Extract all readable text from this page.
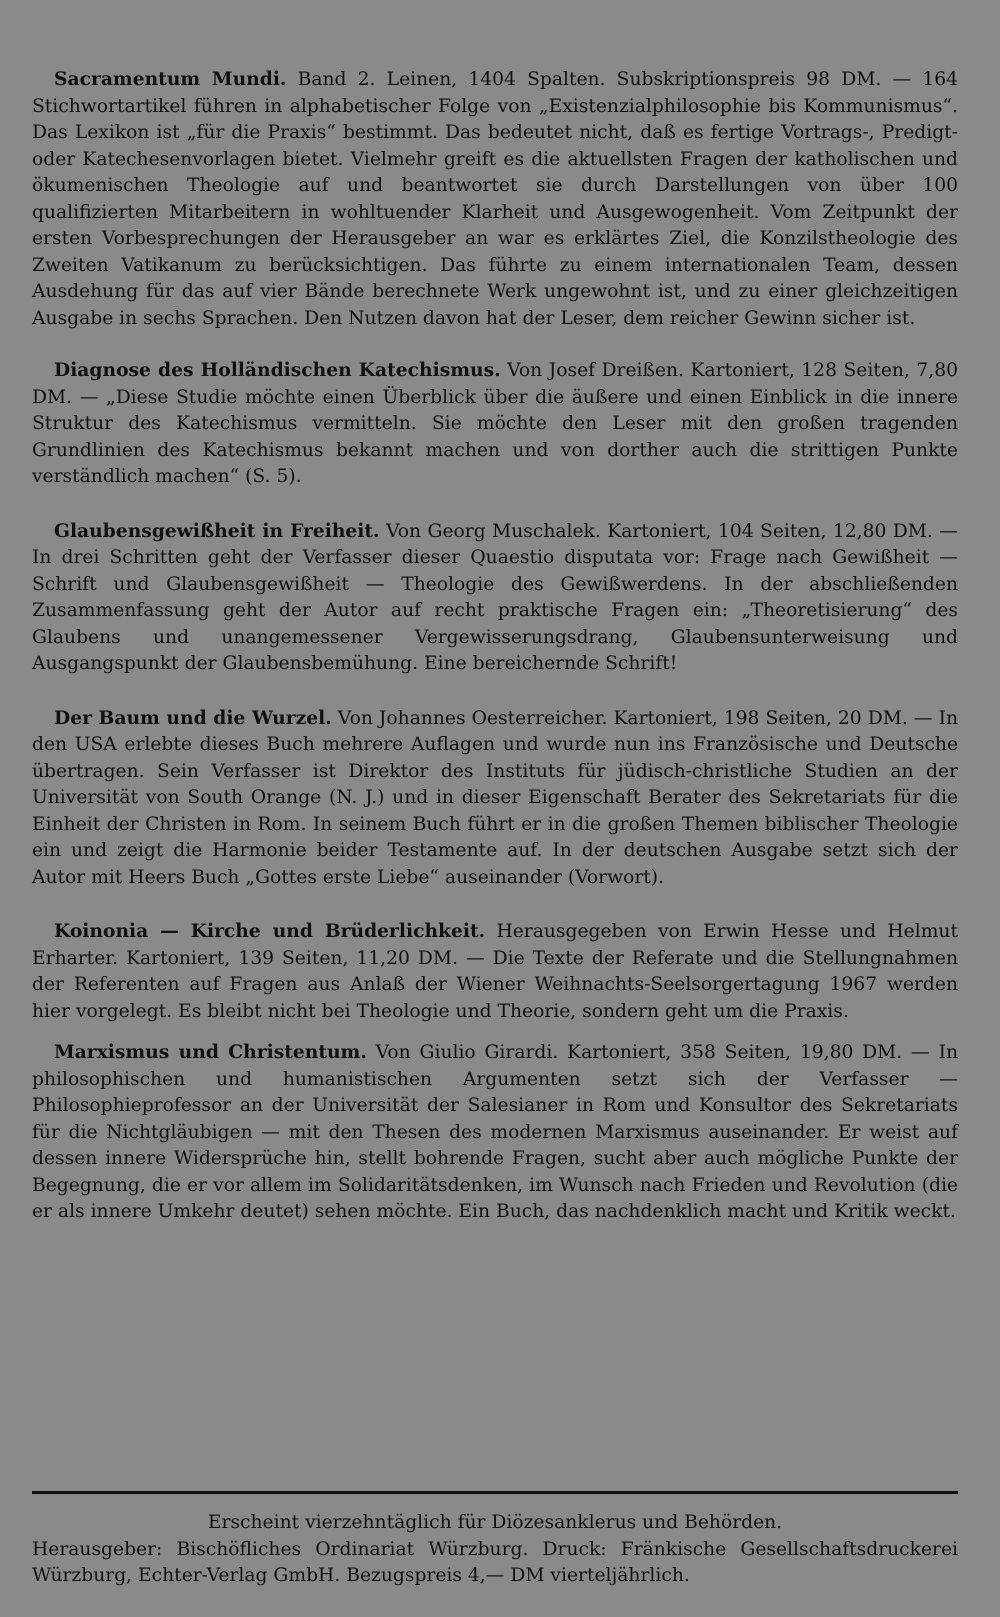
Sacramentum Mundi. Band 2. Leinen, 1404 Spalten. Subskriptionspreis 98 DM. — 164 Stichwortartikel führen in alphabetischer Folge von „Existenzialphilosophie bis Kommunismus“. Das Lexikon ist „für die Praxis“ bestimmt. Das bedeutet nicht, daß es fertige Vortrags-, Predigt- oder Katechesenvorlagen bietet. Vielmehr greift es die aktuellsten Fragen der katholischen und ökumenischen Theologie auf und beantwortet sie durch Darstellungen von über 100 qualifizierten Mitarbeitern in wohltuender Klarheit und Ausgewogenheit. Vom Zeitpunkt der ersten Vorbesprechungen der Herausgeber an war es erklärtes Ziel, die Konzilstheologie des Zweiten Vatikanum zu berücksichtigen. Das führte zu einem internationalen Team, dessen Ausdehung für das auf vier Bände berechnete Werk ungewohnt ist, und zu einer gleichzeitigen Ausgabe in sechs Sprachen. Den Nutzen davon hat der Leser, dem reicher Gewinn sicher ist.

Diagnose des Holländischen Katechismus. Von Josef Dreißen. Kartoniert, 128 Seiten, 7,80 DM. — „Diese Studie möchte einen Überblick über die äußere und einen Einblick in die innere Struktur des Katechismus vermitteln. Sie möchte den Leser mit den großen tragenden Grundlinien des Katechismus bekannt machen und von dorther auch die strittigen Punkte verständlich machen“ (S. 5).

Glaubensgewißheit in Freiheit. Von Georg Muschalek. Kartoniert, 104 Seiten, 12,80 DM. — In drei Schritten geht der Verfasser dieser Quaestio disputata vor: Frage nach Gewißheit — Schrift und Glaubensgewißheit — Theologie des Gewißwerdens. In der abschließenden Zusammenfassung geht der Autor auf recht praktische Fragen ein: „Theoretisierung“ des Glaubens und unangemessener Vergewisserungsdrang, Glaubensunterweisung und Ausgangspunkt der Glaubensbemühung. Eine bereichernde Schrift!

Der Baum und die Wurzel. Von Johannes Oesterreicher. Kartoniert, 198 Seiten, 20 DM. — In den USA erlebte dieses Buch mehrere Auflagen und wurde nun ins Französische und Deutsche übertragen. Sein Verfasser ist Direktor des Instituts für jüdisch-christliche Studien an der Universität von South Orange (N. J.) und in dieser Eigenschaft Berater des Sekretariats für die Einheit der Christen in Rom. In seinem Buch führt er in die großen Themen biblischer Theologie ein und zeigt die Harmonie beider Testamente auf. In der deutschen Ausgabe setzt sich der Autor mit Heers Buch „Gottes erste Liebe“ auseinander (Vorwort).

Koinonia — Kirche und Brüderlichkeit. Herausgegeben von Erwin Hesse und Helmut Erharter. Kartoniert, 139 Seiten, 11,20 DM. — Die Texte der Referate und die Stellungnahmen der Referenten auf Fragen aus Anlaß der Wiener Weihnachts-Seelsorgertagung 1967 werden hier vorgelegt. Es bleibt nicht bei Theologie und Theorie, sondern geht um die Praxis.

Marxismus und Christentum. Von Giulio Girardi. Kartoniert, 358 Seiten, 19,80 DM. — In philosophischen und humanistischen Argumenten setzt sich der Verfasser — Philosophieprofessor an der Universität der Salesianer in Rom und Konsultor des Sekretariats für die Nichtgläubigen — mit den Thesen des modernen Marxismus auseinander. Er weist auf dessen innere Widersprüche hin, stellt bohrende Fragen, sucht aber auch mögliche Punkte der Begegnung, die er vor allem im Solidaritätsdenken, im Wunsch nach Frieden und Revolution (die er als innere Umkehr deutet) sehen möchte. Ein Buch, das nachdenklich macht und Kritik weckt.

Erscheint vierzehntäglich für Diözesanklerus und Behörden.

Herausgeber: Bischöfliches Ordinariat Würzburg. Druck: Fränkische Gesellschaftsdruckerei Würzburg, Echter-Verlag GmbH. Bezugspreis 4,— DM vierteljährlich.
